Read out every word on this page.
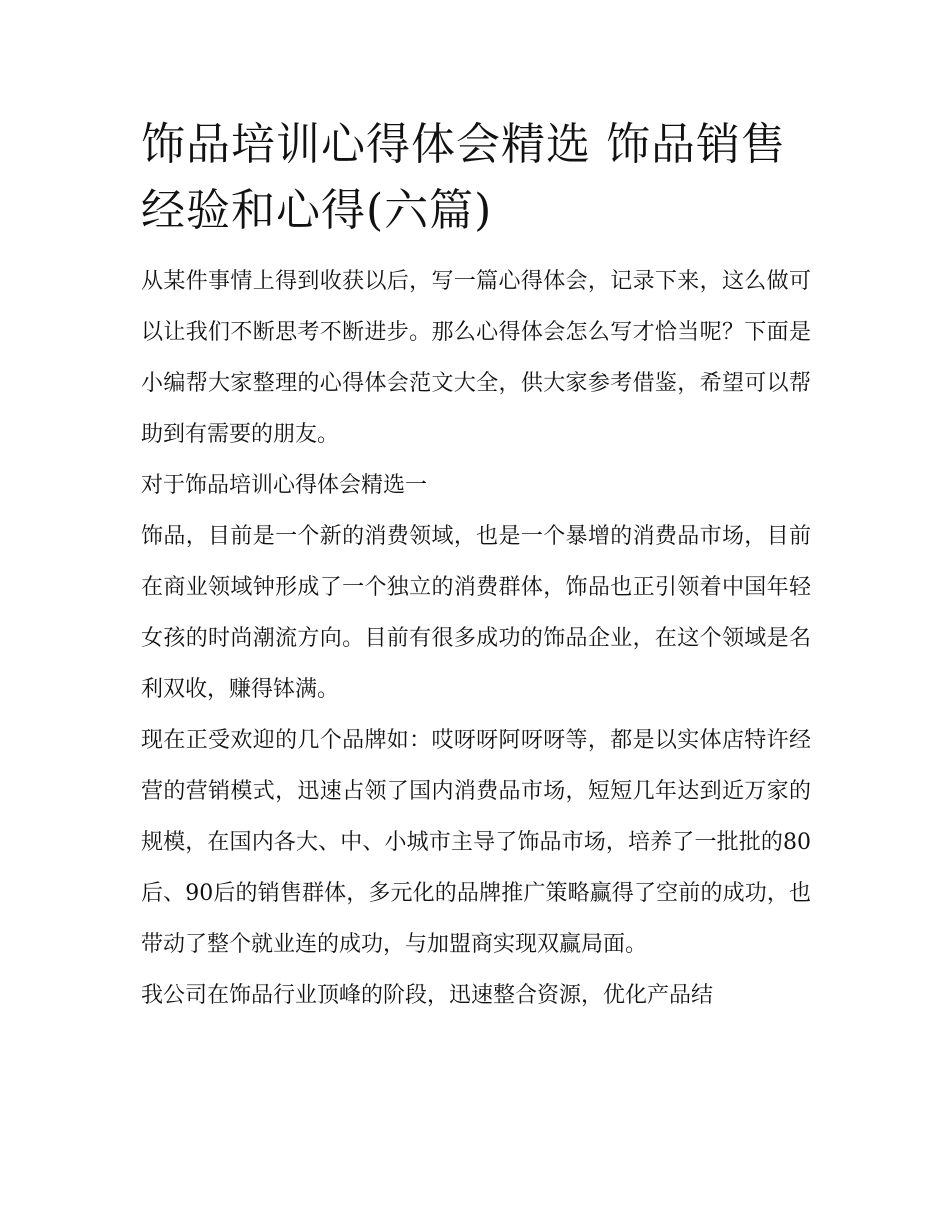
饰品培训心得体会精选 饰品销售经验和心得(六篇)

从某件事情上得到收获以后，写一篇心得体会，记录下来，这么做可以让我们不断思考不断进步。那么心得体会怎么写才恰当呢？下面是小编帮大家整理的心得体会范文大全，供大家参考借鉴，希望可以帮助到有需要的朋友。

对于饰品培训心得体会精选一

饰品，目前是一个新的消费领域，也是一个暴增的消费品市场，目前在商业领域钟形成了一个独立的消费群体，饰品也正引领着中国年轻女孩的时尚潮流方向。目前有很多成功的饰品企业，在这个领域是名利双收，赚得钵满。

现在正受欢迎的几个品牌如：哎呀呀阿呀呀等，都是以实体店特许经营的营销模式，迅速占领了国内消费品市场，短短几年达到近万家的规模，在国内各大、中、小城市主导了饰品市场，培养了一批批的80后、90后的销售群体，多元化的品牌推广策略赢得了空前的成功，也带动了整个就业连的成功，与加盟商实现双赢局面。

我公司在饰品行业顶峰的阶段，迅速整合资源，优化产品结
